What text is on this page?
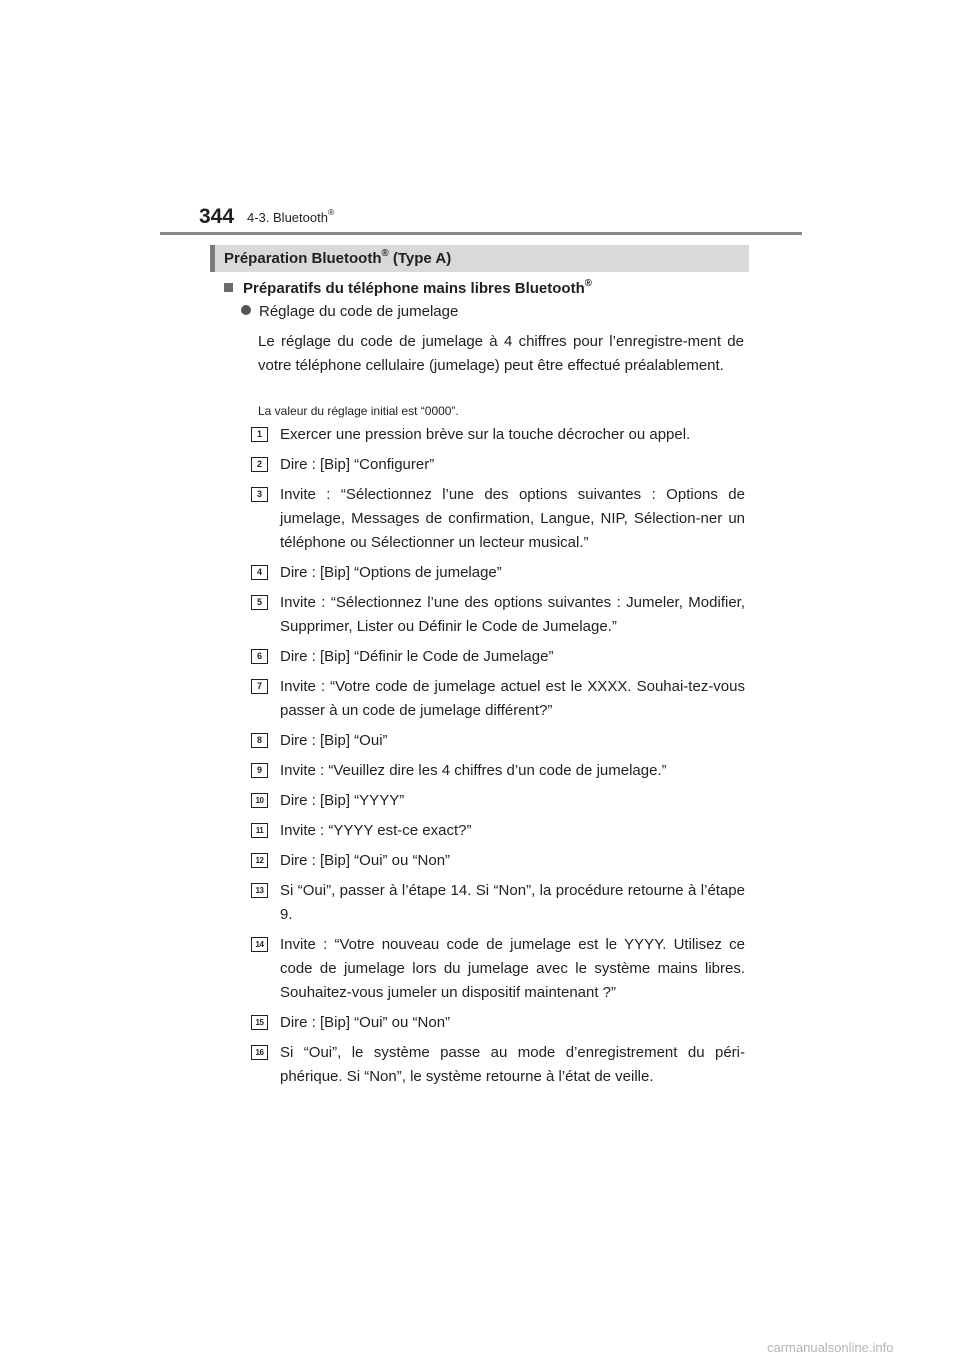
344 4-3. Bluetooth®
Préparation Bluetooth® (Type A)
Préparatifs du téléphone mains libres Bluetooth®
Réglage du code de jumelage
Le réglage du code de jumelage à 4 chiffres pour l’enregistre-ment de votre téléphone cellulaire (jumelage) peut être effectué préalablement.
La valeur du réglage initial est “0000”.
1	Exercer une pression brève sur la touche décrocher ou appel.
2	Dire : [Bip] “Configurer”
3	Invite : “Sélectionnez l’une des options suivantes : Options de jumelage, Messages de confirmation, Langue, NIP, Sélection-ner un téléphone ou Sélectionner un lecteur musical.”
4	Dire : [Bip] “Options de jumelage”
5	Invite : “Sélectionnez l’une des options suivantes : Jumeler, Modifier, Supprimer, Lister ou Définir le Code de Jumelage.”
6	Dire : [Bip] “Définir le Code de Jumelage”
7	Invite : “Votre code de jumelage actuel est le XXXX. Souhai-tez-vous passer à un code de jumelage différent?”
8	Dire : [Bip] “Oui”
9	Invite : “Veuillez dire les 4 chiffres d’un code de jumelage.”
10	Dire : [Bip] “YYYY”
11	Invite : “YYYY est-ce exact?”
12	Dire : [Bip] “Oui” ou “Non”
13	Si “Oui”, passer à l’étape 14. Si “Non”, la procédure retourne à l’étape 9.
14	Invite : “Votre nouveau code de jumelage est le YYYY. Utilisez ce code de jumelage lors du jumelage avec le système mains libres. Souhaitez-vous jumeler un dispositif maintenant ?”
15	Dire : [Bip] “Oui” ou “Non”
16	Si “Oui”, le système passe au mode d’enregistrement du péri-phérique. Si “Non”, le système retourne à l’état de veille.
carmanualsonline.info
